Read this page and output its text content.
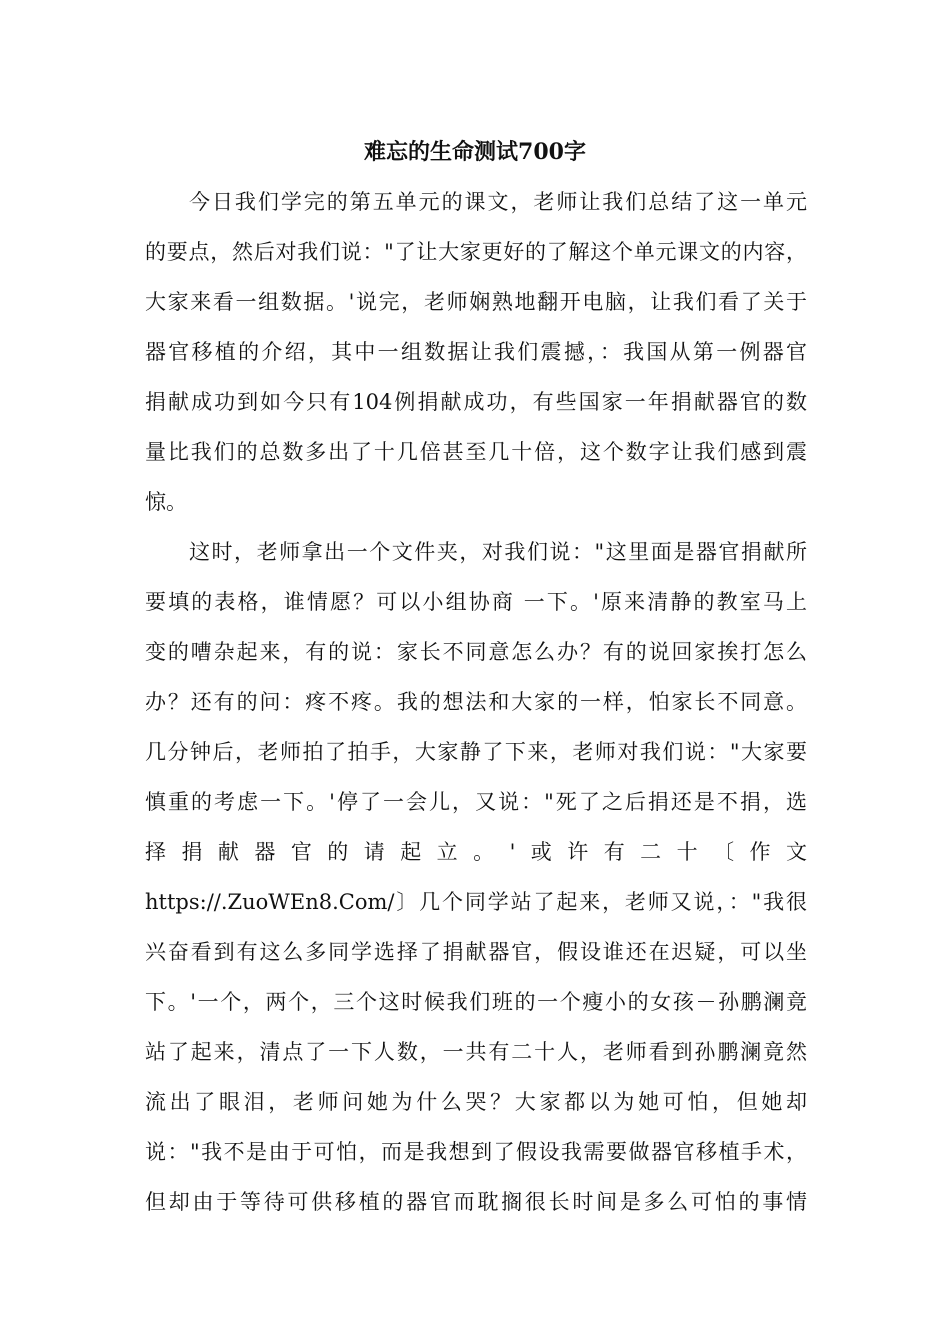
难忘的生命测试700字
今日我们学完的第五单元的课文，老师让我们总结了这一单元
的要点，然后对我们说："了让大家更好的了解这个单元课文的内容，
大家来看一组数据。'说完，老师娴熟地翻开电脑，让我们看了关于
器官移植的介绍，其中一组数据让我们震撼，：我国从第一例器官
捐献成功到如今只有104例捐献成功，有些国家一年捐献器官的数
量比我们的总数多出了十几倍甚至几十倍，这个数字让我们感到震
惊。
这时，老师拿出一个文件夹，对我们说："这里面是器官捐献所
要填的表格，谁情愿？可以小组协商 一下。'原来清静的教室马上
变的嘈杂起来，有的说：家长不同意怎么办？有的说回家挨打怎么
办？还有的问：疼不疼。我的想法和大家的一样，怕家长不同意。
几分钟后，老师拍了拍手，大家静了下来，老师对我们说："大家要
慎重的考虑一下。'停了一会儿，又说："死了之后捐还是不捐，选
择捐献器官的请起立。'或许有二十〔作文
https://.ZuoWEn8.Com/〕几个同学站了起来，老师又说，："我很
兴奋看到有这么多同学选择了捐献器官，假设谁还在迟疑，可以坐
下。'一个，两个，三个这时候我们班的一个瘦小的女孩－孙鹏澜竟
站了起来，清点了一下人数，一共有二十人，老师看到孙鹏澜竟然
流出了眼泪，老师问她为什么哭？大家都以为她可怕，但她却
说："我不是由于可怕，而是我想到了假设我需要做器官移植手术，
但却由于等待可供移植的器官而耽搁很长时间是多么可怕的事情
